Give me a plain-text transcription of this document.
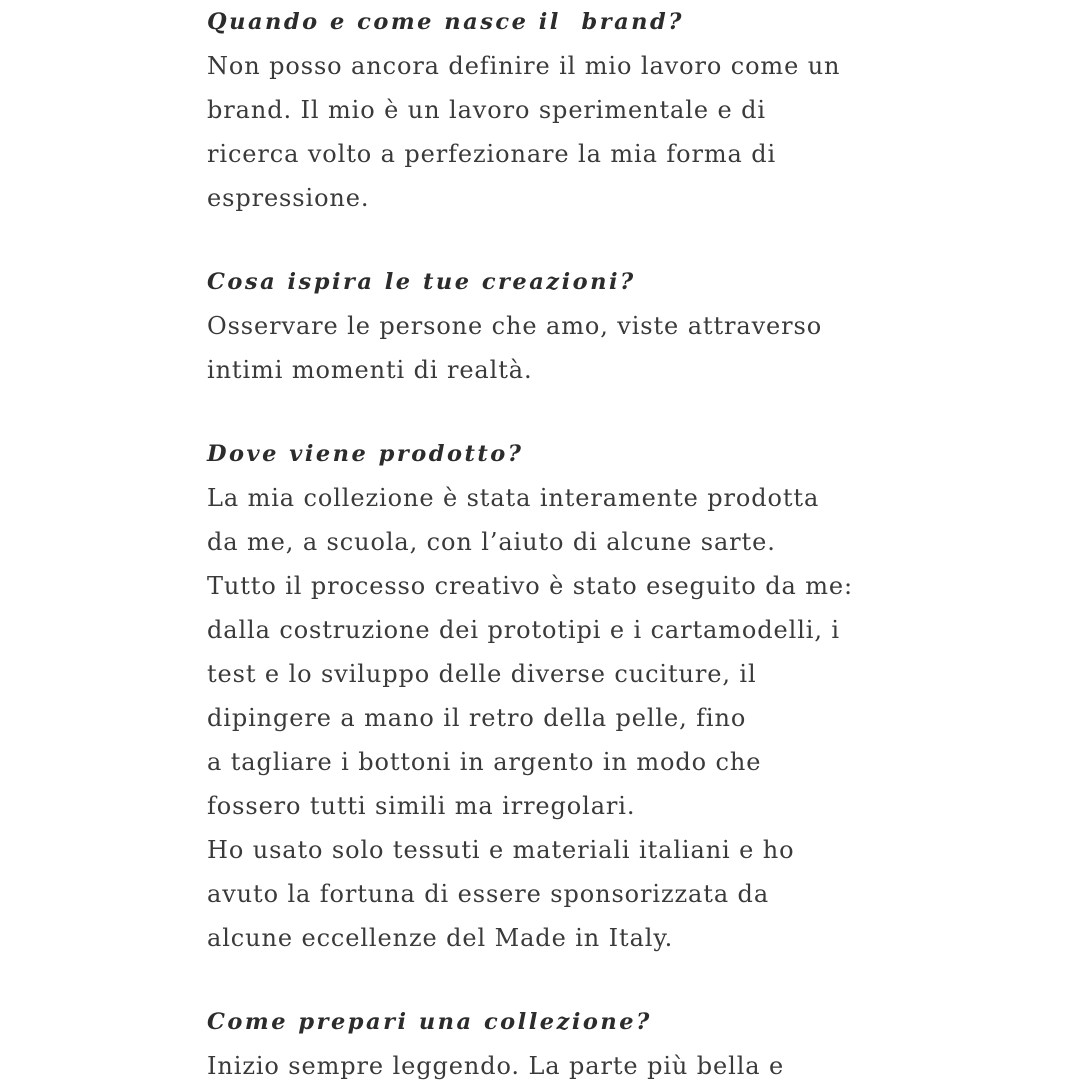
Quando e come nasce il  brand?
Non posso ancora definire il mio lavoro come un
brand. Il mio è un lavoro sperimentale e di
ricerca volto a perfezionare la mia forma di
espressione.
Cosa ispira le tue creazioni?
Osservare le persone che amo, viste attraverso
intimi momenti di realtà.
Dove viene prodotto?
La mia collezione è stata interamente prodotta
da me, a scuola, con l’aiuto di alcune sarte.
Tutto il processo creativo è stato eseguito da me:
dalla costruzione dei prototipi e i cartamodelli, i
test e lo sviluppo delle diverse cuciture, il
dipingere a mano il retro della pelle, fino
a tagliare i bottoni in argento in modo che
fossero tutti simili ma irregolari.
Ho usato solo tessuti e materiali italiani e ho
avuto la fortuna di essere sponsorizzata da
alcune eccellenze del Made in Italy.
Come prepari una collezione?
Inizio sempre leggendo. La parte più bella e
